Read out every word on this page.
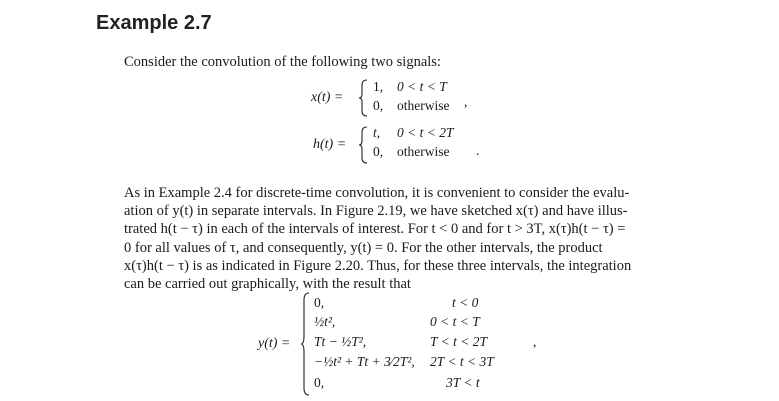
Example 2.7
Consider the convolution of the following two signals:
x(t) =
1, 0 < t < T
0, otherwise ,
h(t) =
t, 0 < t < 2T
0, otherwise .
As in Example 2.4 for discrete-time convolution, it is convenient to consider the evalu-
ation of y(t) in separate intervals. In Figure 2.19, we have sketched x(τ) and have illus-
trated h(t − τ) in each of the intervals of interest. For t < 0 and for t > 3T, x(τ)h(t − τ) =
0 for all values of τ, and consequently, y(t) = 0. For the other intervals, the product
x(τ)h(t − τ) is as indicated in Figure 2.20. Thus, for these three intervals, the integration
can be carried out graphically, with the result that
y(t) =
0,	t < 0
½t²,	0 < t < T
Tt − ½T²,	T < t < 2T	,
−½t² + Tt + 3⁄2T², 2T < t < 3T
0,	3T < t
